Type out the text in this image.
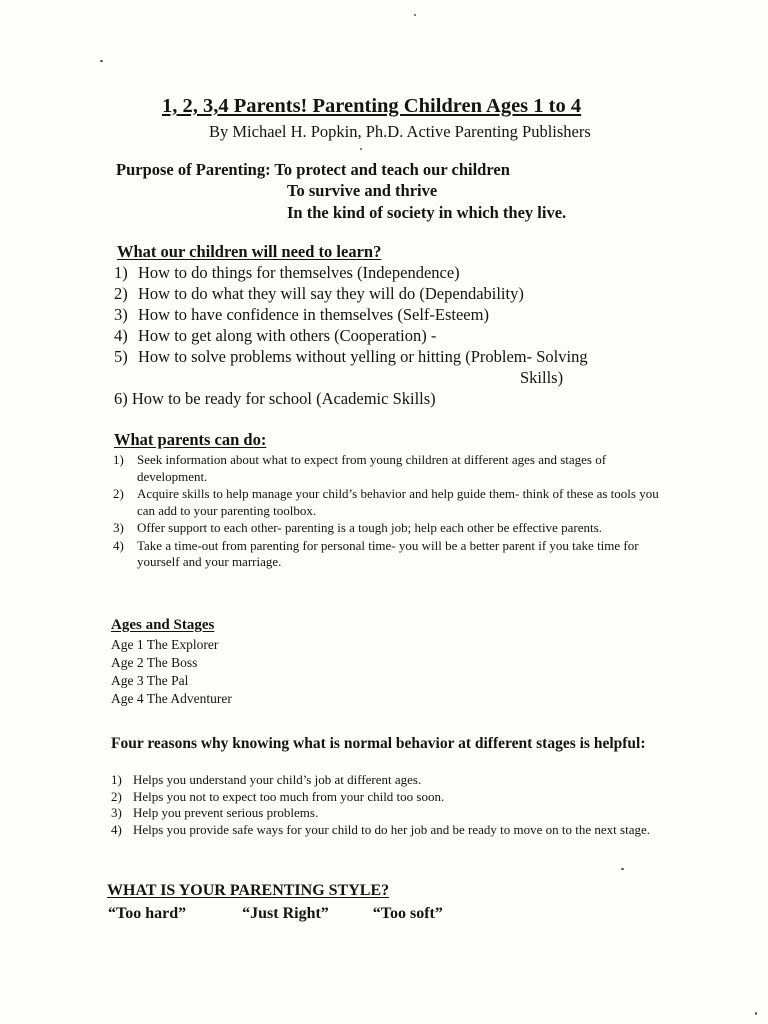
1, 2, 3,4 Parents! Parenting Children Ages 1 to 4
By Michael H. Popkin, Ph.D. Active Parenting Publishers
Purpose of Parenting: To protect and teach our children
To survive and thrive
In the kind of society in which they live.
What our children will need to learn?
1) How to do things for themselves (Independence)
2) How to do what they will say they will do (Dependability)
3) How to have confidence in themselves (Self-Esteem)
4) How to get along with others (Cooperation) -
5) How to solve problems without yelling or hitting (Problem- Solving
Skills)
6) How to be ready for school (Academic Skills)
What parents can do:
1)	Seek information about what to expect from young children at different ages and stages of development.
2)	Acquire skills to help manage your child’s behavior and help guide them- think of these as tools you can add to your parenting toolbox.
3)	Offer support to each other- parenting is a tough job; help each other be effective parents.
4)	Take a time-out from parenting for personal time- you will be a better parent if you take time for yourself and your marriage.
Ages and Stages
Age 1 The Explorer
Age 2 The Boss
Age 3 The Pal
Age 4 The Adventurer
Four reasons why knowing what is normal behavior at different stages is helpful:
1) Helps you understand your child’s job at different ages.
2) Helps you not to expect too much from your child too soon.
3) Help you prevent serious problems.
4) Helps you provide safe ways for your child to do her job and be ready to move on to the next stage.
WHAT IS YOUR PARENTING STYLE?
“Too hard”	“Just Right”	“Too soft”
